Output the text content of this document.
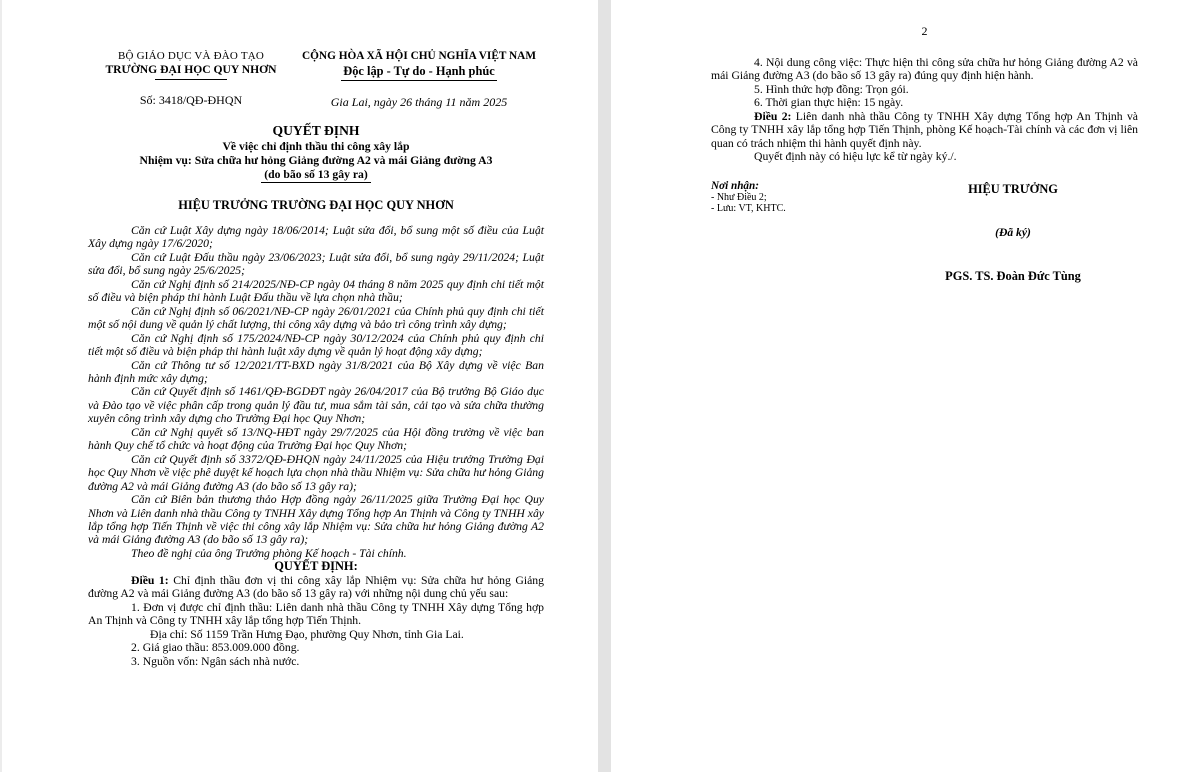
BỘ GIÁO DỤC VÀ ĐÀO TẠO
TRƯỜNG ĐẠI HỌC QUY NHƠN
Số: 3418/QĐ-ĐHQN
CỘNG HÒA XÃ HỘI CHỦ NGHĨA VIỆT NAM
Độc lập - Tự do - Hạnh phúc
Gia Lai, ngày 26 tháng 11 năm 2025
QUYẾT ĐỊNH
Về việc chỉ định thầu thi công xây lắp
Nhiệm vụ: Sửa chữa hư hỏng Giảng đường A2 và mái Giảng đường A3
(do bão số 13 gây ra)
HIỆU TRƯỞNG TRƯỜNG ĐẠI HỌC QUY NHƠN

Căn cứ Luật Xây dựng ngày 18/06/2014; Luật sửa đổi, bổ sung một số điều của Luật Xây dựng ngày 17/6/2020;

Căn cứ Luật Đấu thầu ngày 23/06/2023; Luật sửa đổi, bổ sung ngày 29/11/2024; Luật sửa đổi, bổ sung ngày 25/6/2025;

Căn cứ Nghị định số 214/2025/NĐ-CP ngày 04 tháng 8 năm 2025 quy định chi tiết một số điều và biện pháp thi hành Luật Đấu thầu về lựa chọn nhà thầu;

Căn cứ Nghị định số 06/2021/NĐ-CP ngày 26/01/2021 của Chính phủ quy định chi tiết một số nội dung về quản lý chất lượng, thi công xây dựng và bảo trì công trình xây dựng;

Căn cứ Nghị định số 175/2024/NĐ-CP ngày 30/12/2024 của Chính phủ quy định chi tiết một số điều và biện pháp thi hành luật xây dựng về quản lý hoạt động xây dựng;

Căn cứ Thông tư số 12/2021/TT-BXD ngày 31/8/2021 của Bộ Xây dựng về việc Ban hành định mức xây dựng;

Căn cứ Quyết định số 1461/QĐ-BGDĐT ngày 26/04/2017 của Bộ trưởng Bộ Giáo dục và Đào tạo về việc phân cấp trong quản lý đầu tư, mua sắm tài sản, cải tạo và sửa chữa thường xuyên công trình xây dựng cho Trường Đại học Quy Nhơn;

Căn cứ Nghị quyết số 13/NQ-HĐT ngày 29/7/2025 của Hội đồng trường về việc ban hành Quy chế tổ chức và hoạt động của Trường Đại học Quy Nhơn;

Căn cứ Quyết định số 3372/QĐ-ĐHQN ngày 24/11/2025 của Hiệu trưởng Trường Đại học Quy Nhơn về việc phê duyệt kế hoạch lựa chọn nhà thầu Nhiệm vụ: Sửa chữa hư hỏng Giảng đường A2 và mái Giảng đường A3 (do bão số 13 gây ra);

Căn cứ Biên bản thương thảo Hợp đồng ngày 26/11/2025 giữa Trường Đại học Quy Nhơn và Liên danh nhà thầu Công ty TNHH Xây dựng Tổng hợp An Thịnh và Công ty TNHH xây lắp tổng hợp Tiến Thịnh về việc thi công xây lắp Nhiệm vụ: Sửa chữa hư hỏng Giảng đường A2 và mái Giảng đường A3 (do bão số 13 gây ra);

Theo đề nghị của ông Trưởng phòng Kế hoạch - Tài chính.

QUYẾT ĐỊNH:

Điều 1: Chỉ định thầu đơn vị thi công xây lắp Nhiệm vụ: Sửa chữa hư hỏng Giảng đường A2 và mái Giảng đường A3 (do bão số 13 gây ra) với những nội dung chủ yếu sau:

1. Đơn vị được chỉ định thầu: Liên danh nhà thầu Công ty TNHH Xây dựng Tổng hợp An Thịnh và Công ty TNHH xây lắp tổng hợp Tiến Thịnh.

Địa chỉ: Số 1159 Trần Hưng Đạo, phường Quy Nhơn, tỉnh Gia Lai.

2. Giá giao thầu: 853.009.000 đồng.

3. Nguồn vốn: Ngân sách nhà nước.

2

4. Nội dung công việc: Thực hiện thi công sửa chữa hư hỏng Giảng đường A2 và mái Giảng đường A3 (do bão số 13 gây ra) đúng quy định hiện hành.

5. Hình thức hợp đồng: Trọn gói.

6. Thời gian thực hiện: 15 ngày.

Điều 2: Liên danh nhà thầu Công ty TNHH Xây dựng Tổng hợp An Thịnh và Công ty TNHH xây lắp tổng hợp Tiến Thịnh, phòng Kế hoạch-Tài chính và các đơn vị liên quan có trách nhiệm thi hành quyết định này.

Quyết định này có hiệu lực kể từ ngày ký./.

Nơi nhận:
- Như Điều 2;
- Lưu: VT, KHTC.
HIỆU TRƯỞNG
(Đã ký)
PGS. TS. Đoàn Đức Tùng
